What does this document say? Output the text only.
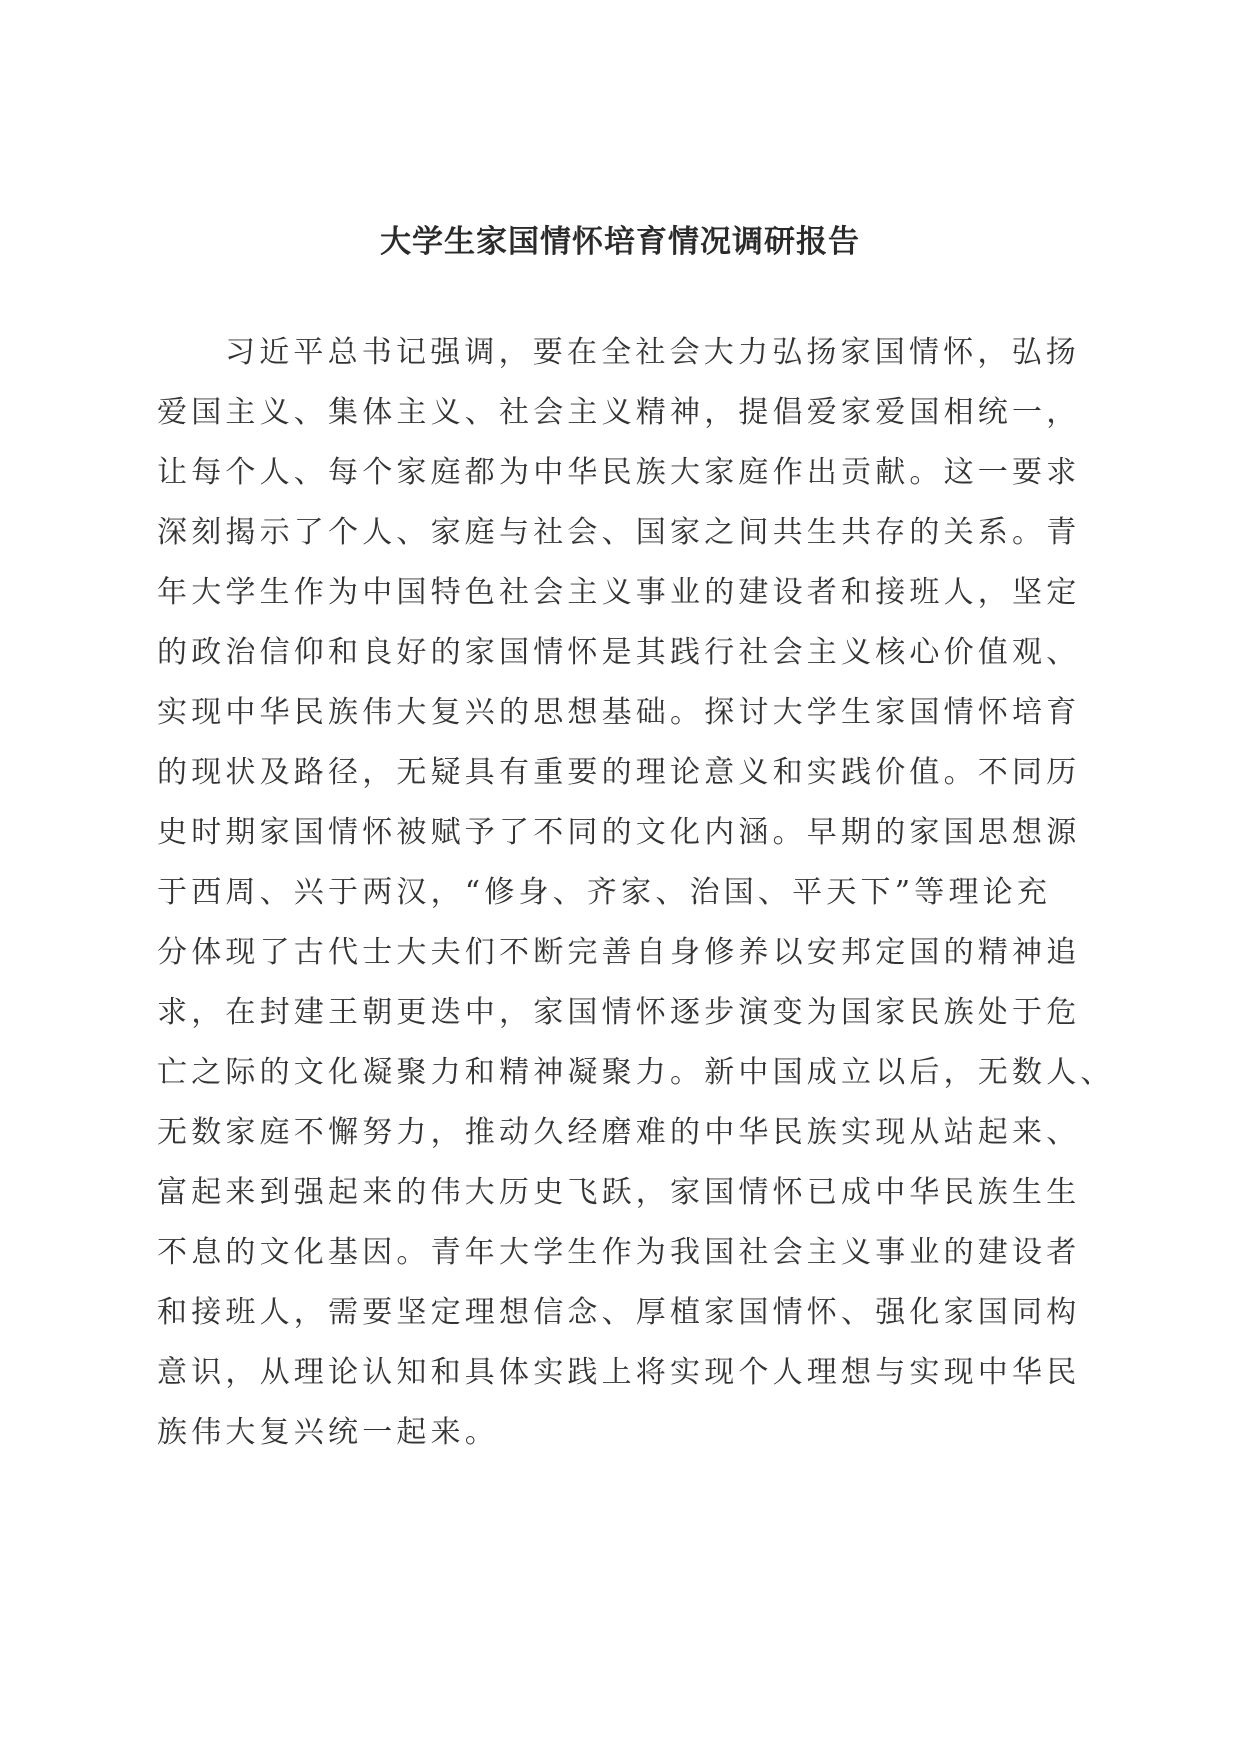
大学生家国情怀培育情况调研报告
习近平总书记强调，要在全社会大力弘扬家国情怀，弘扬
爱国主义、集体主义、社会主义精神，提倡爱家爱国相统一，
让每个人、每个家庭都为中华民族大家庭作出贡献。这一要求
深刻揭示了个人、家庭与社会、国家之间共生共存的关系。青
年大学生作为中国特色社会主义事业的建设者和接班人，坚定
的政治信仰和良好的家国情怀是其践行社会主义核心价值观、
实现中华民族伟大复兴的思想基础。探讨大学生家国情怀培育
的现状及路径，无疑具有重要的理论意义和实践价值。不同历
史时期家国情怀被赋予了不同的文化内涵。早期的家国思想源
于西周、兴于两汉，“修身、齐家、治国、平天下”等理论充
分体现了古代士大夫们不断完善自身修养以安邦定国的精神追
求，在封建王朝更迭中，家国情怀逐步演变为国家民族处于危
亡之际的文化凝聚力和精神凝聚力。新中国成立以后，无数人、
无数家庭不懈努力，推动久经磨难的中华民族实现从站起来、
富起来到强起来的伟大历史飞跃，家国情怀已成中华民族生生
不息的文化基因。青年大学生作为我国社会主义事业的建设者
和接班人，需要坚定理想信念、厚植家国情怀、强化家国同构
意识，从理论认知和具体实践上将实现个人理想与实现中华民
族伟大复兴统一起来。
